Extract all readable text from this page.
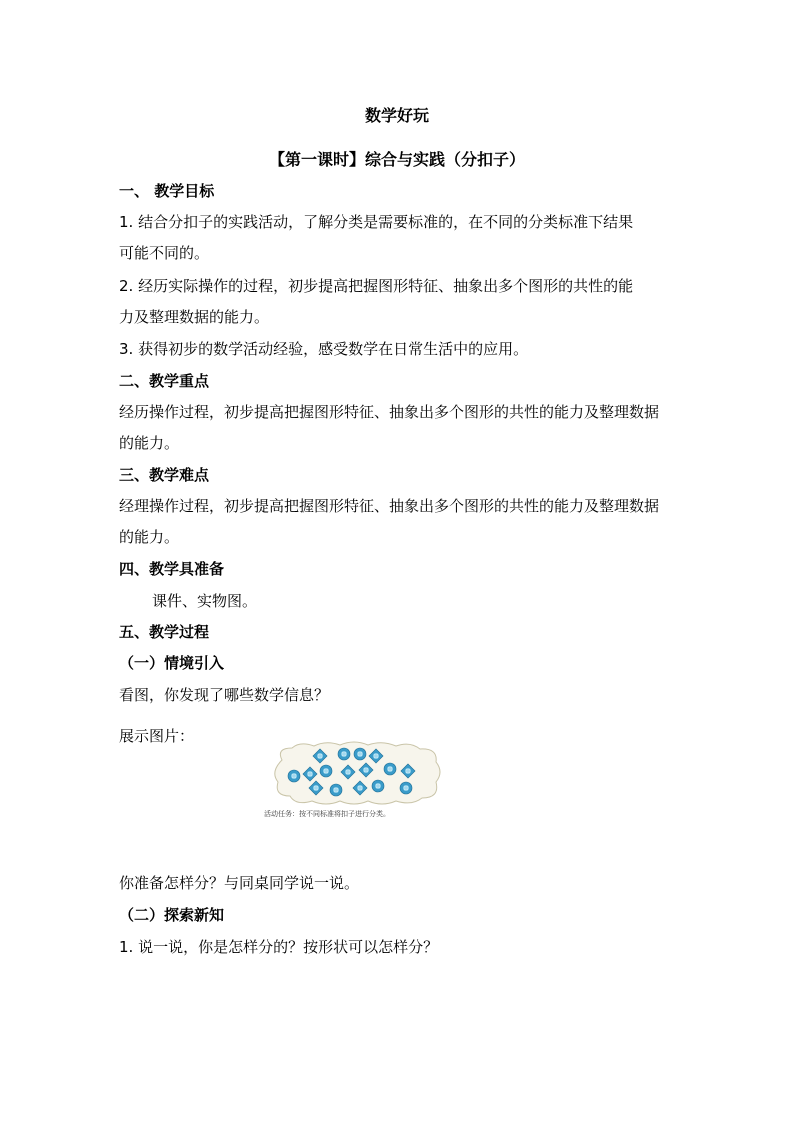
数学好玩
【第一课时】综合与实践（分扣子）
一、 教学目标
1. 结合分扣子的实践活动，了解分类是需要标准的，在不同的分类标准下结果
可能不同的。
2. 经历实际操作的过程，初步提高把握图形特征、抽象出多个图形的共性的能
力及整理数据的能力。
3. 获得初步的数学活动经验，感受数学在日常生活中的应用。
二、教学重点
经历操作过程，初步提高把握图形特征、抽象出多个图形的共性的能力及整理数据
的能力。
三、教学难点
经理操作过程，初步提高把握图形特征、抽象出多个图形的共性的能力及整理数据
的能力。
四、教学具准备
课件、实物图。
五、教学过程
（一）情境引入
看图，你发现了哪些数学信息？
展示图片：
活动任务：按不同标准将扣子进行分类。
你准备怎样分？与同桌同学说一说。
（二）探索新知
1. 说一说，你是怎样分的？按形状可以怎样分？
